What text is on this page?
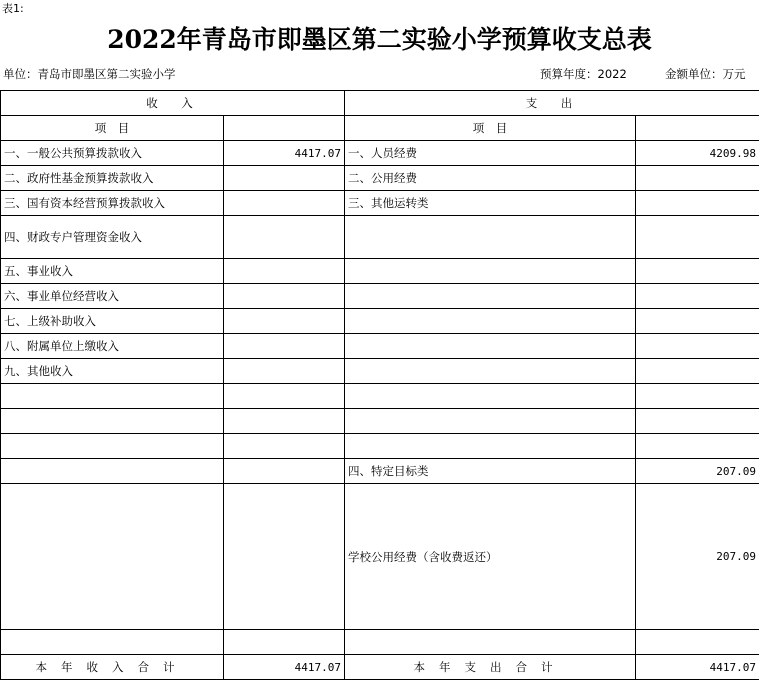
表1:
2022年青岛市即墨区第二实验小学预算收支总表
单位：青岛市即墨区第二实验小学	预算年度：2022	金额单位：万元
收　入		支　出	
项　目		项　目	
一、一般公共预算拨款收入	4417.07	一、人员经费	4209.98
二、政府性基金预算拨款收入		二、公用经费	
三、国有资本经营预算拨款收入		三、其他运转类	
四、财政专户管理资金收入			
五、事业收入			
六、事业单位经营收入			
七、上级补助收入			
八、附属单位上缴收入			
九、其他收入			

		四、特定目标类	207.09
		学校公用经费（含收费返还）	207.09

本年收入合计	4417.07	本年支出合计	4417.07
